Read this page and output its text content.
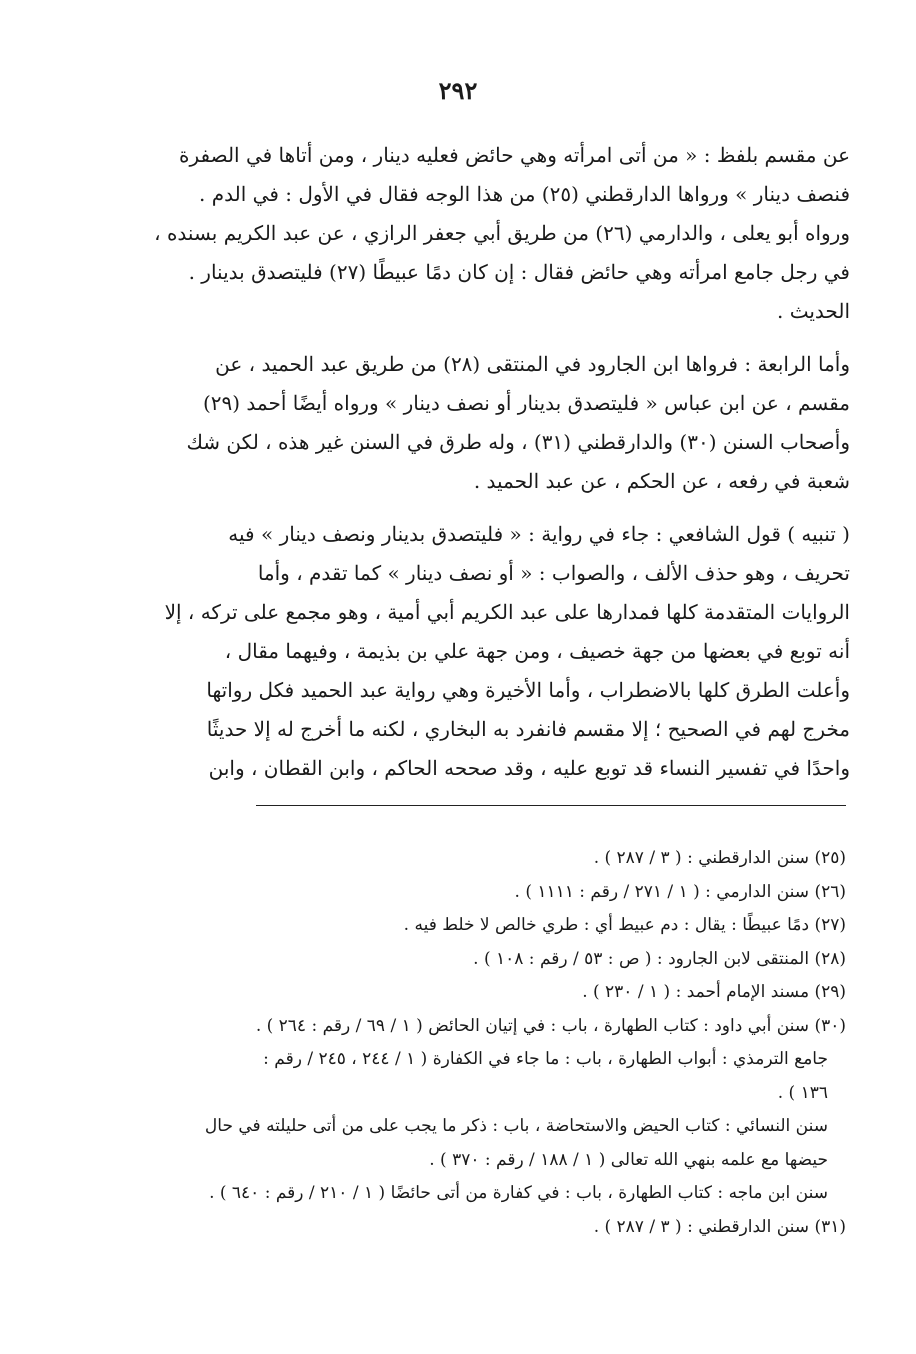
٢٩٢

عن مقسم بلفظ : « من أتى امرأته وهي حائض فعليه دينار ، ومن أتاها في الصفرة
فنصف دينار » ورواها الدارقطني (٢٥) من هذا الوجه فقال في الأول : في الدم .
ورواه أبو يعلى ، والدارمي (٢٦) من طريق أبي جعفر الرازي ، عن عبد الكريم بسنده ،
في رجل جامع امرأته وهي حائض فقال : إن كان دمًا عبيطًا (٢٧) فليتصدق بدينار .
الحديث .

وأما الرابعة : فرواها ابن الجارود في المنتقى (٢٨) من طريق عبد الحميد ، عن
مقسم ، عن ابن عباس « فليتصدق بدينار أو نصف دينار » ورواه أيضًا أحمد (٢٩)
وأصحاب السنن (٣٠) والدارقطني (٣١) ، وله طرق في السنن غير هذه ، لكن شك
شعبة في رفعه ، عن الحكم ، عن عبد الحميد .

( تنبيه ) قول الشافعي : جاء في رواية : « فليتصدق بدينار ونصف دينار » فيه
تحريف ، وهو حذف الألف ، والصواب : « أو نصف دينار » كما تقدم ، وأما
الروايات المتقدمة كلها فمدارها على عبد الكريم أبي أمية ، وهو مجمع على تركه ، إلا
أنه توبع في بعضها من جهة خصيف ، ومن جهة علي بن بذيمة ، وفيهما مقال ،
وأعلت الطرق كلها بالاضطراب ، وأما الأخيرة وهي رواية عبد الحميد فكل رواتها
مخرج لهم في الصحيح ؛ إلا مقسم فانفرد به البخاري ، لكنه ما أخرج له إلا حديثًا
واحدًا في تفسير النساء قد توبع عليه ، وقد صححه الحاكم ، وابن القطان ، وابن

(٢٥) سنن الدارقطني : ( ٣ / ٢٨٧ ) .
(٢٦) سنن الدارمي : ( ١ / ٢٧١ / رقم : ١١١١ ) .
(٢٧) دمًا عبيطًا : يقال : دم عبيط أي : طري خالص لا خلط فيه .
(٢٨) المنتقى لابن الجارود : ( ص : ٥٣ / رقم : ١٠٨ ) .
(٢٩) مسند الإمام أحمد : ( ١ / ٢٣٠ ) .
(٣٠) سنن أبي داود : كتاب الطهارة ، باب : في إتيان الحائض ( ١ / ٦٩ / رقم : ٢٦٤ ) .
جامع الترمذي : أبواب الطهارة ، باب : ما جاء في الكفارة ( ١ / ٢٤٤ ، ٢٤٥ / رقم :
١٣٦ ) .
سنن النسائي : كتاب الحيض والاستحاضة ، باب : ذكر ما يجب على من أتى حليلته في حال
حيضها مع علمه بنهي الله تعالى ( ١ / ١٨٨ / رقم : ٣٧٠ ) .
سنن ابن ماجه : كتاب الطهارة ، باب : في كفارة من أتى حائضًا ( ١ / ٢١٠ / رقم : ٦٤٠ ) .
(٣١) سنن الدارقطني : ( ٣ / ٢٨٧ ) .
